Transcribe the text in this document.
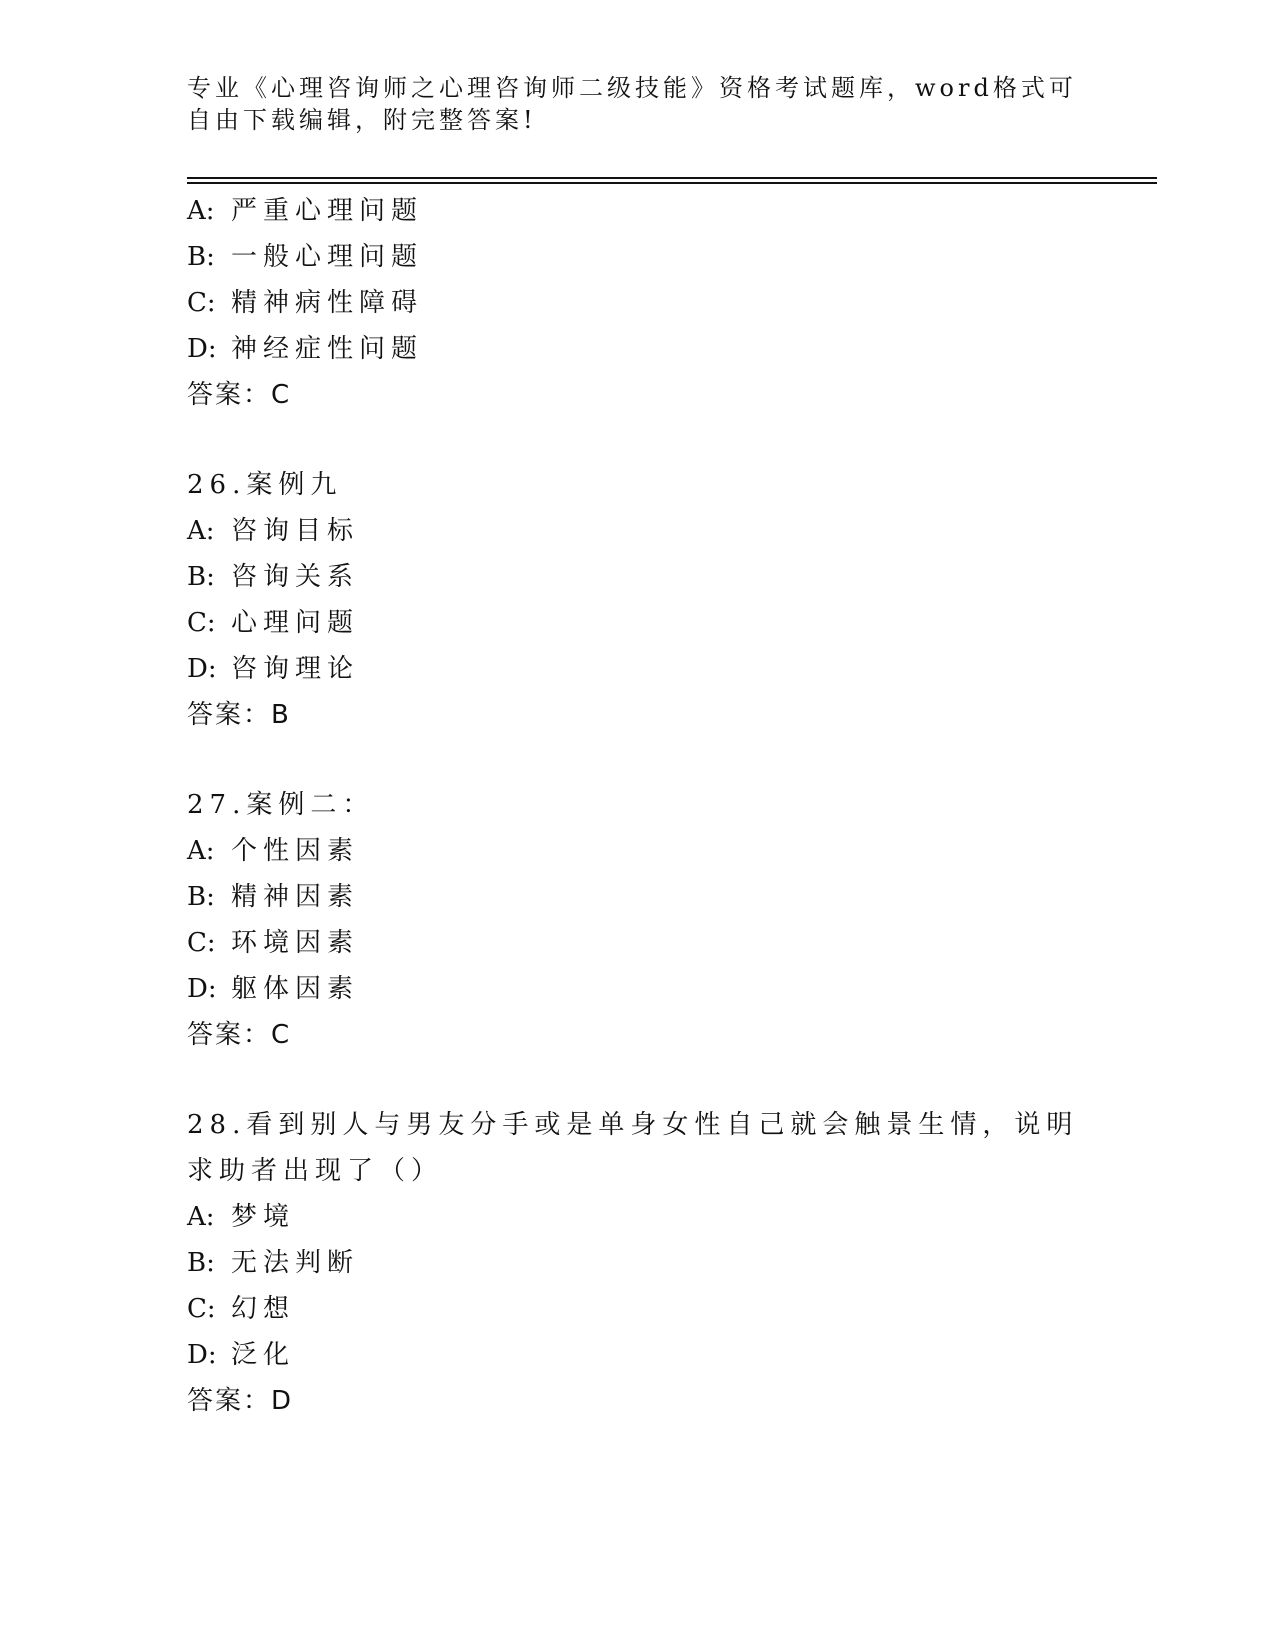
专业《心理咨询师之心理咨询师二级技能》资格考试题库，word格式可自由下载编辑，附完整答案!
A: 严重心理问题
B: 一般心理问题
C: 精神病性障碍
D: 神经症性问题
答案：C
26.案例九
A: 咨询目标
B: 咨询关系
C: 心理问题
D: 咨询理论
答案：B
27.案例二：
A: 个性因素
B: 精神因素
C: 环境因素
D: 躯体因素
答案：C
28.看到别人与男友分手或是单身女性自己就会触景生情，说明求助者出现了（）
A: 梦境
B: 无法判断
C: 幻想
D: 泛化
答案：D
